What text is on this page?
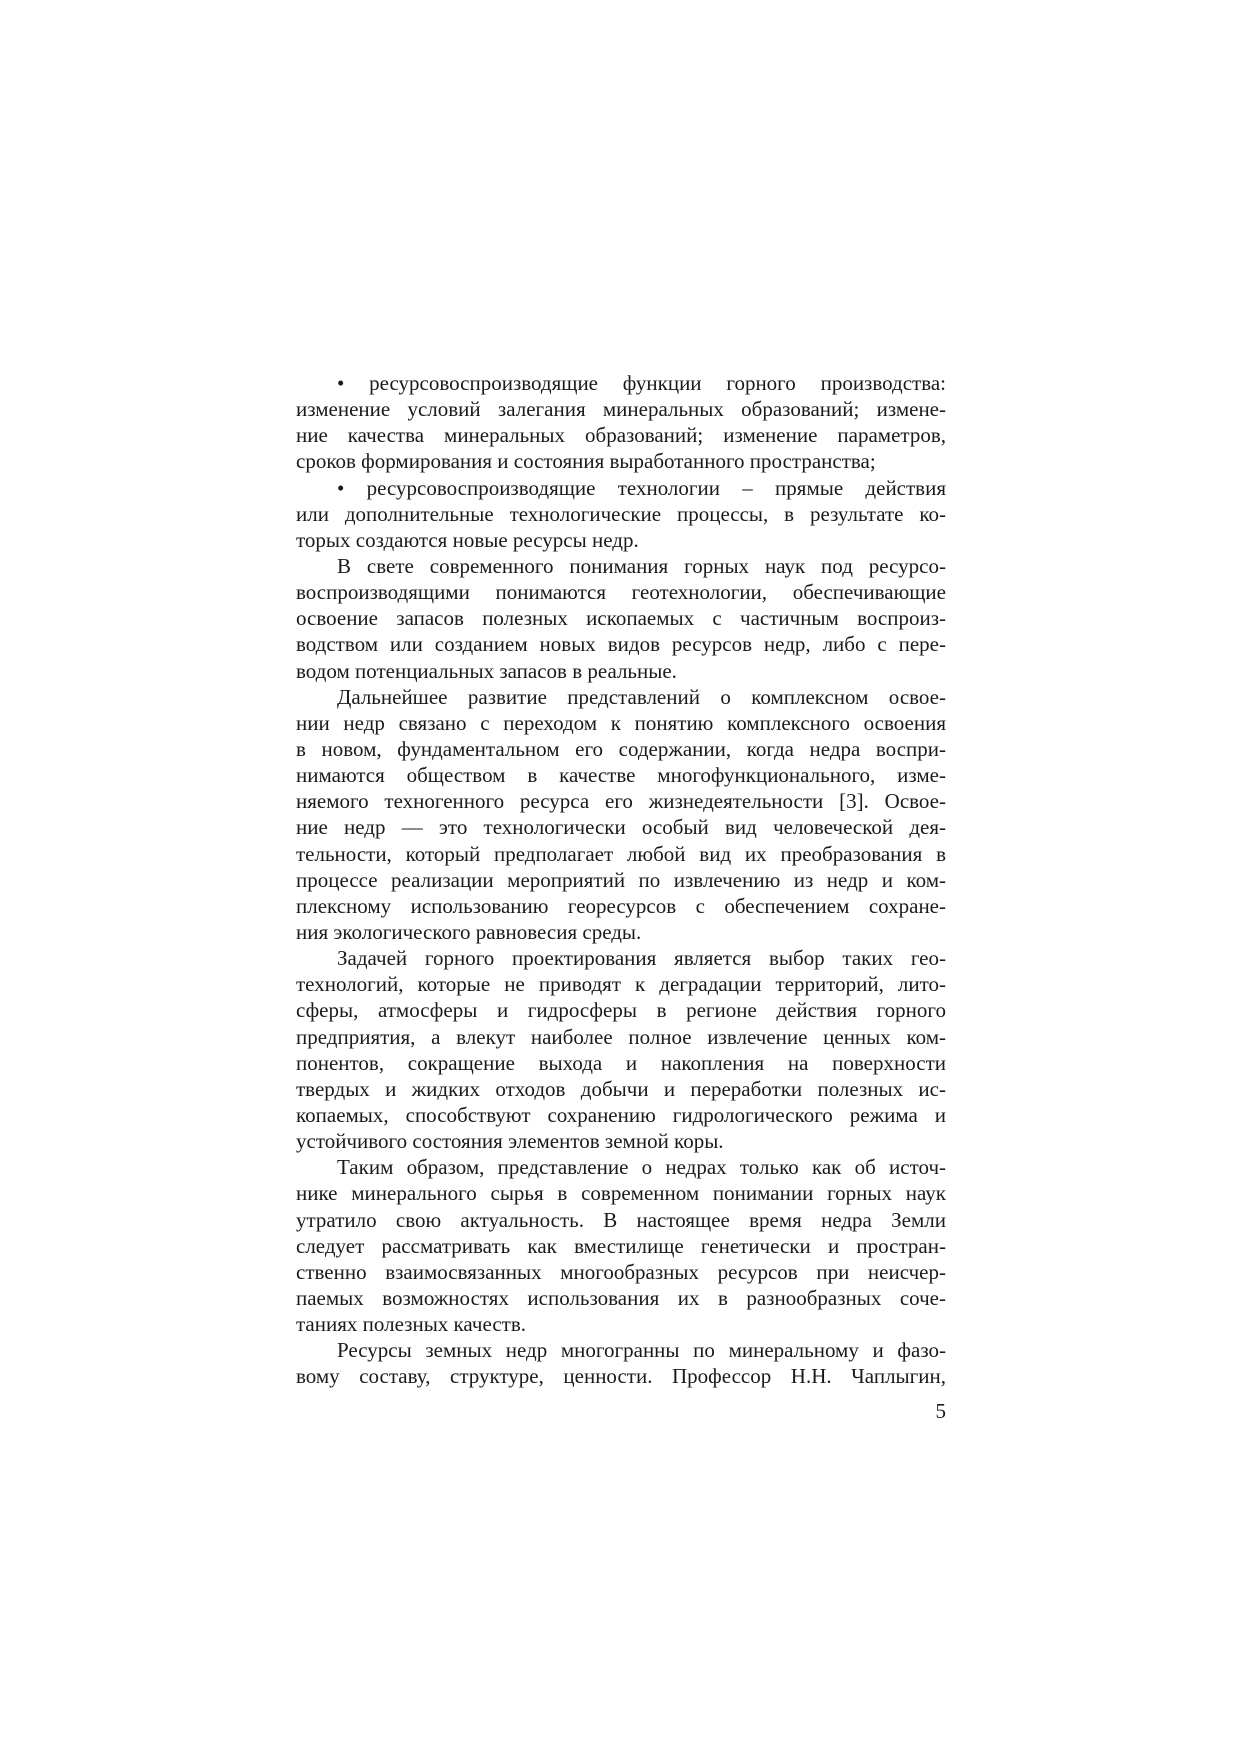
• ресурсовоспроизводящие функции горного производства:
изменение условий залегания минеральных образований; измене-
ние качества минеральных образований; изменение параметров,
сроков формирования и состояния выработанного пространства;
• ресурсовоспроизводящие технологии – прямые действия
или дополнительные технологические процессы, в результате ко-
торых создаются новые ресурсы недр.
В свете современного понимания горных наук под ресурсо-
воспроизводящими понимаются геотехнологии, обеспечивающие
освоение запасов полезных ископаемых с частичным воспроиз-
водством или созданием новых видов ресурсов недр, либо с пере-
водом потенциальных запасов в реальные.
Дальнейшее развитие представлений о комплексном освое-
нии недр связано с переходом к понятию комплексного освоения
в новом, фундаментальном его содержании, когда недра воспри-
нимаются обществом в качестве многофункционального, изме-
няемого техногенного ресурса его жизнедеятельности [3]. Освое-
ние недр — это технологически особый вид человеческой дея-
тельности, который предполагает любой вид их преобразования в
процессе реализации мероприятий по извлечению из недр и ком-
плексному использованию георесурсов с обеспечением сохране-
ния экологического равновесия среды.
Задачей горного проектирования является выбор таких гео-
технологий, которые не приводят к деградации территорий, лито-
сферы, атмосферы и гидросферы в регионе действия горного
предприятия, а влекут наиболее полное извлечение ценных ком-
понентов, сокращение выхода и накопления на поверхности
твердых и жидких отходов добычи и переработки полезных ис-
копаемых, способствуют сохранению гидрологического режима и
устойчивого состояния элементов земной коры.
Таким образом, представление о недрах только как об источ-
нике минерального сырья в современном понимании горных наук
утратило свою актуальность. В настоящее время недра Земли
следует рассматривать как вместилище генетически и простран-
ственно взаимосвязанных многообразных ресурсов при неисчер-
паемых возможностях использования их в разнообразных соче-
таниях полезных качеств.
Ресурсы земных недр многогранны по минеральному и фазо-
вому составу, структуре, ценности. Профессор Н.Н. Чаплыгин,
5
